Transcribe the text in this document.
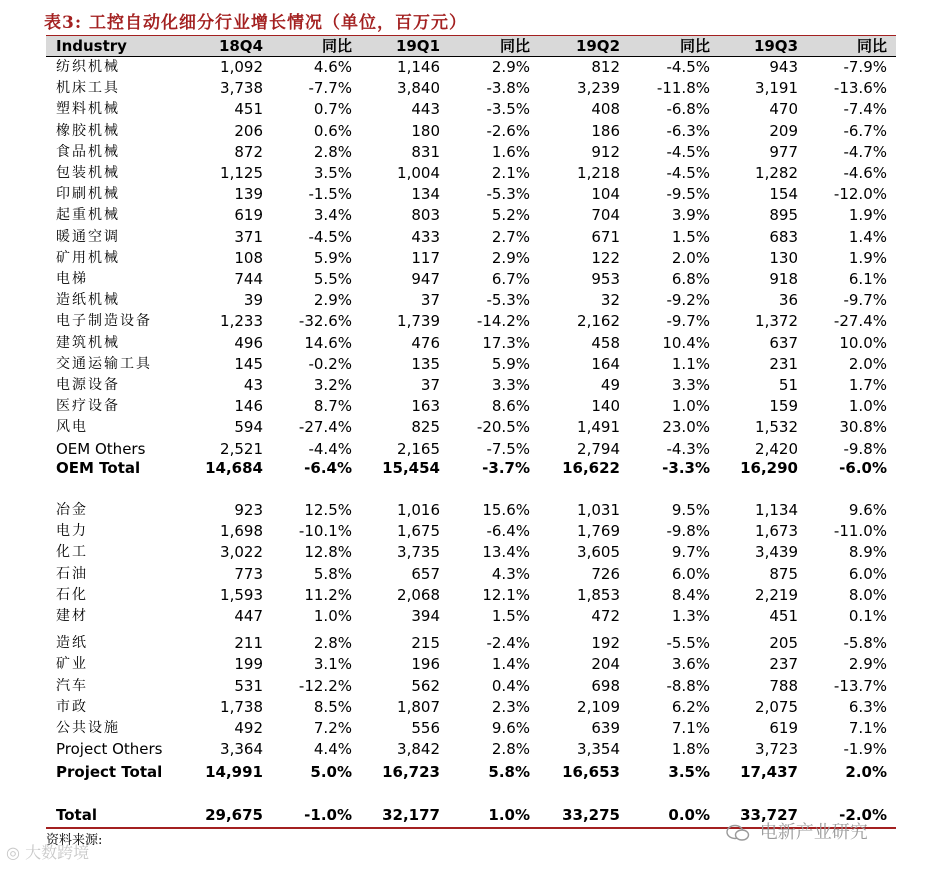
表3: 工控自动化细分行业增长情况（单位，百万元）
Industry	18Q4	同比	19Q1	同比	19Q2	同比	19Q3	同比
纺织机械	1,092	4.6%	1,146	2.9%	812	-4.5%	943	-7.9%
机床工具	3,738	-7.7%	3,840	-3.8%	3,239 -11.8%	3,191 -13.6%
塑料机械	451	0.7%	443	-3.5%	408	-6.8%	470	-7.4%
橡胶机械	206	0.6%	180	-2.6%	186	-6.3%	209	-6.7%
食品机械	872	2.8%	831	1.6%	912	-4.5%	977	-4.7%
包装机械	1,125	3.5%	1,004	2.1%	1,218	-4.5%	1,282	-4.6%
印刷机械	139	-1.5%	134	-5.3%	104	-9.5%	154 -12.0%
起重机械	619	3.4%	803	5.2%	704	3.9%	895	1.9%
暖通空调	371	-4.5%	433	2.7%	671	1.5%	683	1.4%
矿用机械	108	5.9%	117	2.9%	122	2.0%	130	1.9%
电梯	744	5.5%	947	6.7%	953	6.8%	918	6.1%
造纸机械	39	2.9%	37	-5.3%	32	-9.2%	36	-9.7%
电子制造设备	1,233 -32.6%	1,739 -14.2%	2,162	-9.7%	1,372 -27.4%
建筑机械	496	14.6%	476	17.3%	458	10.4%	637	10.0%
交通运输工具	145	-0.2%	135	5.9%	164	1.1%	231	2.0%
电源设备	43	3.2%	37	3.3%	49	3.3%	51	1.7%
医疗设备	146	8.7%	163	8.6%	140	1.0%	159	1.0%
风电	594 -27.4%	825 -20.5%	1,491	23.0%	1,532	30.8%
OEM Others	2,521	-4.4%	2,165	-7.5%	2,794	-4.3%	2,420	-9.8%
OEM Total	14,684	-6.4% 15,454	-3.7% 16,622	-3.3% 16,290	-6.0%
冶金	923	12.5%	1,016	15.6%	1,031	9.5%	1,134	9.6%
电力	1,698 -10.1%	1,675	-6.4%	1,769	-9.8%	1,673 -11.0%
化工	3,022	12.8%	3,735	13.4%	3,605	9.7%	3,439	8.9%
石油	773	5.8%	657	4.3%	726	6.0%	875	6.0%
石化	1,593	11.2%	2,068	12.1%	1,853	8.4%	2,219	8.0%
建材	447	1.0%	394	1.5%	472	1.3%	451	0.1%
造纸	211	2.8%	215	-2.4%	192	-5.5%	205	-5.8%
矿业	199	3.1%	196	1.4%	204	3.6%	237	2.9%
汽车	531 -12.2%	562	0.4%	698	-8.8%	788 -13.7%
市政	1,738	8.5%	1,807	2.3%	2,109	6.2%	2,075	6.3%
公共设施	492	7.2%	556	9.6%	639	7.1%	619	7.1%
Project Others	3,364	4.4%	3,842	2.8%	3,354	1.8%	3,723	-1.9%
Project Total	14,991	5.0% 16,723	5.8% 16,653	3.5% 17,437	2.0%
Total	29,675	-1.0% 32,177	1.0% 33,275	0.0% 33,727	-2.0%
资料来源:
◎ 大数跨境
电新产业研究
